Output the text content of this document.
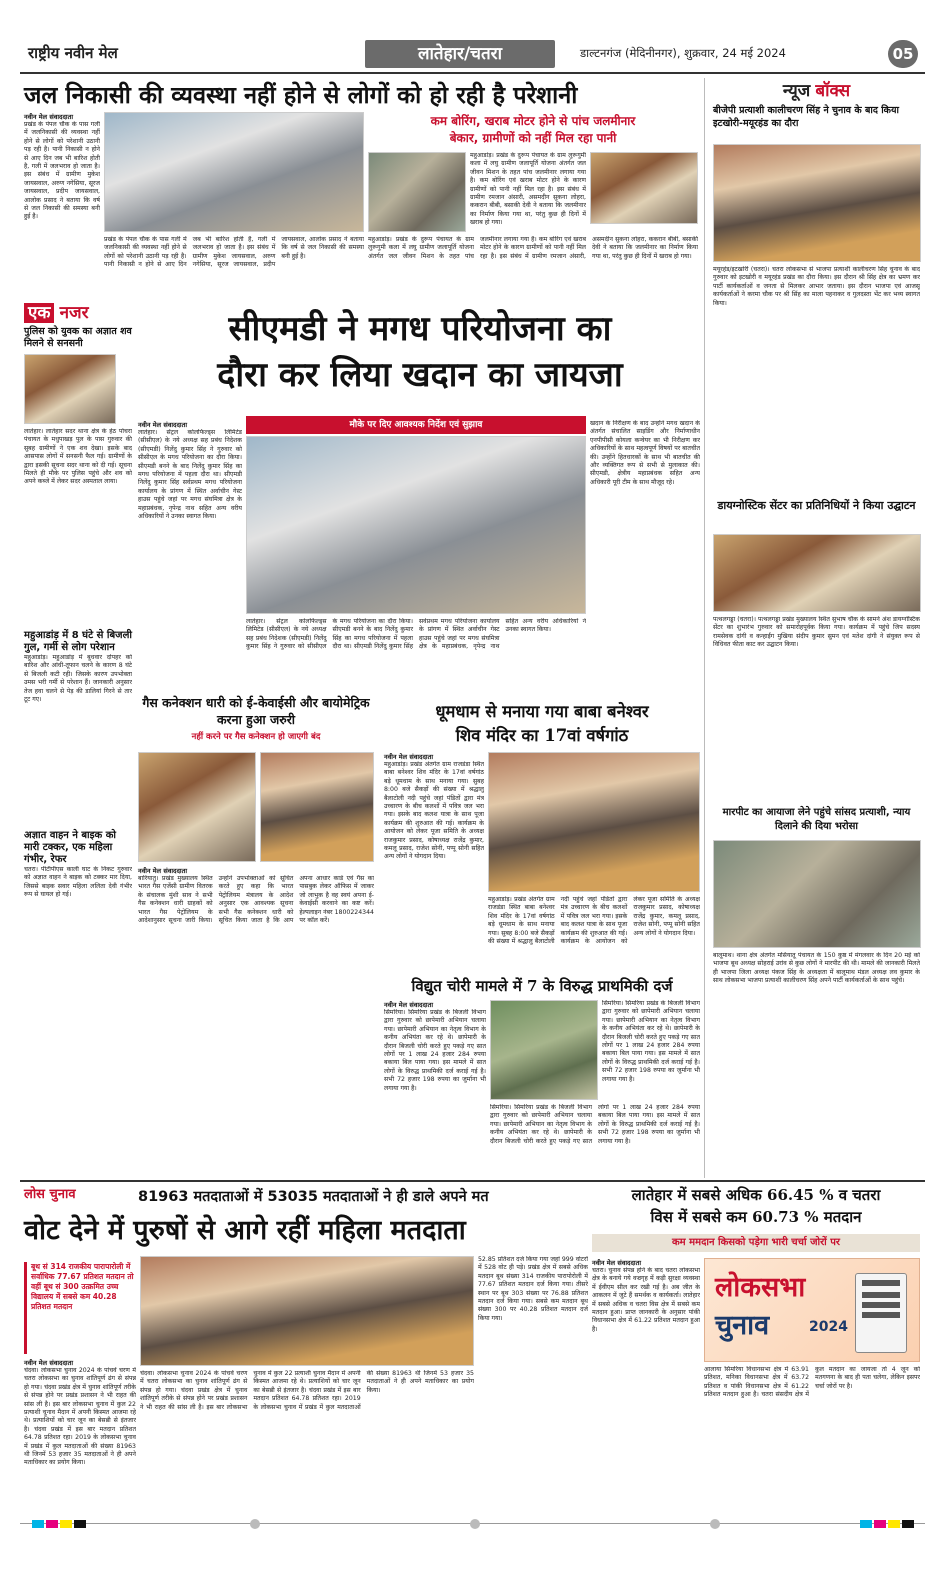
राष्ट्रीय नवीन मेल	लातेहार/चतरा	डाल्टनगंज (मेदिनीनगर), शुक्रवार, 24 मई 2024	05
जल निकासी की व्यवस्था नहीं होने से लोगों को हो रही है परेशानी
नवीन मेल संवाददाता
प्रखंड के पंपल चौक के पास गली में जलनिकासी की व्यवस्था नहीं होने से लोगों को परेशानी उठानी पड़ रही है। पानी निकासी न होने से आए दिन जब भी बारिश होती है, गली में जलभराव हो जाता है। इस संबंध में ग्रामीण मुकेश जायसवाल, अरुण नगेसिया, सूरज जायसवाल, प्रदीप जायसवाल, आलोक प्रसाद ने बताया कि वर्ष से जल निकासी की समस्या बनी हुई है।
प्रखंड के पंपल चौक के पास गली में जलनिकासी की व्यवस्था नहीं होने से लोगों को परेशानी उठानी पड़ रही है। पानी निकासी न होने से आए दिन जब भी बारिश होती है, गली में जलभराव हो जाता है। इस संबंध में ग्रामीण मुकेश जायसवाल, अरुण नगेसिया, सूरज जायसवाल, प्रदीप जायसवाल, आलोक प्रसाद ने बताया कि वर्ष से जल निकासी की समस्या बनी हुई है।
कम बोरिंग, खराब मोटर होने से पांच जलमीनार
बेकार, ग्रामीणों को नहीं मिल रहा पानी
महुआडांड़। प्रखंड के दुरूप पंचायत के ग्राम लुरूगुमी कला में लघु ग्रामीण जलापूर्ति योजना अंतर्गत जल जीवन मिशन के तहत पांच जलमीनार लगाया गया है। कम बोरिंग एवं खराब मोटर होने के कारण ग्रामीणों को पानी नहीं मिल रहा है। इस संबंध में ग्रामीण रमजान अंसारी, असमदीन सुकना लोहरा, ककरान बीबी, बसाकी देवी ने बताया कि जलमीनार का निर्माण किया गया था, परंतु कुछ ही दिनों में खराब हो गया।
महुआडांड़। प्रखंड के दुरूप पंचायत के ग्राम लुरूगुमी कला में लघु ग्रामीण जलापूर्ति योजना अंतर्गत जल जीवन मिशन के तहत पांच जलमीनार लगाया गया है। कम बोरिंग एवं खराब मोटर होने के कारण ग्रामीणों को पानी नहीं मिल रहा है। इस संबंध में ग्रामीण रमजान अंसारी, असमदीन सुकना लोहरा, ककरान बीबी, बसाकी देवी ने बताया कि जलमीनार का निर्माण किया गया था, परंतु कुछ ही दिनों में खराब हो गया।
एक नजर
पुलिस को युवक का अज्ञात शव मिलने से सनसनी
लातेहार। लातेहार सदर थाना क्षेत्र के हेठ पोचरा पंचायत के मधुपाखड़ पुल के पास गुरुवार की सुबह ग्रामीणों ने एक शव देखा। इसके बाद आसपास लोगों में सनसनी फैल गई। ग्रामीणों के द्वारा इसकी सूचना सदर थाना को दी गई। सूचना मिलते ही मौके पर पुलिस पहुंचे और शव को अपने कब्जे में लेकर सदर अस्पताल लाया।
महुआडांड़ में 8 घंटे से बिजली गुल, गर्मी से लोग परेशान
महुआडांड़। महुआडांड़ में बुधवार दोपहर को बारिश और आंधी-तूफान चलने के कारण 8 घंटे से बिजली कटी रही। जिसके कारण उपभोक्ता उमस भरी गर्मी से परेशान हैं। जानकारी अनुसार तेज हवा चलने से पेड़ की डालियां गिरने से तार टूट गए।
अज्ञात वाहन ने बाइक को मारी टक्कर, एक महिला गंभीर, रेफर
चतरा। पीटीपीएस काली घाट के निकट गुरुवार को अज्ञात वाहन ने बाइक को टक्कर मार दिया, जिससे बाइक सवार महिला ललिता देवी गंभीर रूप से घायल हो गई।
सीएमडी ने मगध परियोजना का
दौरा कर लिया खदान का जायजा
मौके पर दिए आवश्यक निर्देश एवं सुझाव
नवीन मेल संवाददाता
लातेहार। सेंट्रल कोलफिल्ड्स लिमिटेड (सीसीएल) के नये अध्यक्ष सह प्रबंध निदेशक (सीएमडी) निलेंदु कुमार सिंह ने गुरुवार को सीसीएल के मगध परियोजना का दौरा किया। सीएमडी बनने के बाद निलेंदु कुमार सिंह का मगध परियोजना में पहला दौरा था। सीएमडी निलेंदु कुमार सिंह सर्वप्रथम मगध परियोजना कार्यालय के प्रांगण में स्थित अर्वाचीन गेस्ट हाउस पहुंचे जहां पर मगध संघमित्रा क्षेत्र के महाप्रबंधक, नृपेन्द्र नाथ सहित अन्य वरीय अधिकारियों ने उनका स्वागत किया।
लातेहार। सेंट्रल कोलफिल्ड्स लिमिटेड (सीसीएल) के नये अध्यक्ष सह प्रबंध निदेशक (सीएमडी) निलेंदु कुमार सिंह ने गुरुवार को सीसीएल के मगध परियोजना का दौरा किया। सीएमडी बनने के बाद निलेंदु कुमार सिंह का मगध परियोजना में पहला दौरा था। सीएमडी निलेंदु कुमार सिंह सर्वप्रथम मगध परियोजना कार्यालय के प्रांगण में स्थित अर्वाचीन गेस्ट हाउस पहुंचे जहां पर मगध संघमित्रा क्षेत्र के महाप्रबंधक, नृपेन्द्र नाथ सहित अन्य वरीय अधिकारियों ने उनका स्वागत किया।
खदान के निरीक्षण के बाद उन्होंने मगध खदान के अंतर्गत संचालित साइडिंग और निर्माणाधीन एनपीपीसी कोयला कन्वेयर का भी निरीक्षण कर अधिकारियों के साथ महत्वपूर्ण विषयों पर बातचीत की। उन्होंने हितधारकों के साथ भी बातचीत की और व्यक्तिगत रूप से सभी से मुलाकात की। सीएमडी, क्षेत्रीय महाप्रबंधक सहित अन्य अधिकारी पूरी टीम के साथ मौजूद रहे।
गैस कनेक्शन धारी को ई-केवाईसी और बायोमेट्रिक करना हुआ जरुरी
नहीं करने पर गैस कनेक्शन हो जाएगी बंद
नवीन मेल संवाददाता
बारियातु। प्रखंड मुख्यालय स्थित भारत गैस एजेंसी ग्रामीण वितरक के संचालक मुंशी साव ने सभी गैस कनेक्शन धारी ग्राहकों को भारत गैस पेट्रोलियम के आदेशानुसार सूचना जारी किया। उन्होंने उपभोक्ताओं को सूचित करते हुए कहा कि भारत पेट्रोलियम मंत्रालय के आदेश अनुसार एक आवश्यक सूचना सभी गैस कनेक्शन धारी को सूचित किया जाता है कि आप अपना आधार कार्ड एवं गैस का पासबुक लेकर ऑफिस में जाकर जो लाभुक है वह स्वयं अपना ई-केवाईसी करवाने का कष्ट करें। हेल्पलाइन नंबर 1800224344 पर कॉल करें।
धूमधाम से मनाया गया बाबा बनेश्वर
शिव मंदिर का 17वां वर्षगांठ
नवीन मेल संवाददाता
महुआडांड़। प्रखंड अंतर्गत ग्राम राजडंडा स्थित बाबा बनेश्वर शिव मंदिर के 17वां वर्षगांठ बड़े धूमधाम के साथ मनाया गया। सुबह 8:00 बजे सैकड़ों की संख्या में श्रद्धालु बैलाटोली नदी पहुंचे जहां पंडितों द्वारा मंत्र उच्चारण के बीच कलशों में पवित्र जल भरा गया। इसके बाद कलश यात्रा के साथ पूजा कार्यक्रम की शुरुआत की गई। कार्यक्रम के आयोजन को लेकर पूजा समिति के अध्यक्ष राजकुमार प्रसाद, कोषाध्यक्ष राजेंद्र कुमार, कमलू प्रसाद, राजेश सोनी, पप्पू सोनी सहित अन्य लोगों ने योगदान दिया।
महुआडांड़। प्रखंड अंतर्गत ग्राम राजडंडा स्थित बाबा बनेश्वर शिव मंदिर के 17वां वर्षगांठ बड़े धूमधाम के साथ मनाया गया। सुबह 8:00 बजे सैकड़ों की संख्या में श्रद्धालु बैलाटोली नदी पहुंचे जहां पंडितों द्वारा मंत्र उच्चारण के बीच कलशों में पवित्र जल भरा गया। इसके बाद कलश यात्रा के साथ पूजा कार्यक्रम की शुरुआत की गई। कार्यक्रम के आयोजन को लेकर पूजा समिति के अध्यक्ष राजकुमार प्रसाद, कोषाध्यक्ष राजेंद्र कुमार, कमलू प्रसाद, राजेश सोनी, पप्पू सोनी सहित अन्य लोगों ने योगदान दिया।
विद्युत चोरी मामले में 7 के विरुद्ध प्राथमिकी दर्ज
नवीन मेल संवाददाता
सिमरिया। सिमरिया प्रखंड के बिजली विभाग द्वारा गुरुवार को छापेमारी अभियान चलाया गया। छापेमारी अभियान का नेतृत्व विभाग के कनीय अभियंता कर रहे थे। छापेमारी के दौरान बिजली चोरी करते हुए पकड़े गए सात लोगों पर 1 लाख 24 हजार 284 रुपया बकाया बिल पाया गया। इस मामले में सात लोगों के विरुद्ध प्राथमिकी दर्ज कराई गई है। सभी 72 हजार 198 रुपया का जुर्माना भी लगाया गया है।
सिमरिया। सिमरिया प्रखंड के बिजली विभाग द्वारा गुरुवार को छापेमारी अभियान चलाया गया। छापेमारी अभियान का नेतृत्व विभाग के कनीय अभियंता कर रहे थे। छापेमारी के दौरान बिजली चोरी करते हुए पकड़े गए सात लोगों पर 1 लाख 24 हजार 284 रुपया बकाया बिल पाया गया। इस मामले में सात लोगों के विरुद्ध प्राथमिकी दर्ज कराई गई है। सभी 72 हजार 198 रुपया का जुर्माना भी लगाया गया है।
सिमरिया। सिमरिया प्रखंड के बिजली विभाग द्वारा गुरुवार को छापेमारी अभियान चलाया गया। छापेमारी अभियान का नेतृत्व विभाग के कनीय अभियंता कर रहे थे। छापेमारी के दौरान बिजली चोरी करते हुए पकड़े गए सात लोगों पर 1 लाख 24 हजार 284 रुपया बकाया बिल पाया गया। इस मामले में सात लोगों के विरुद्ध प्राथमिकी दर्ज कराई गई है। सभी 72 हजार 198 रुपया का जुर्माना भी लगाया गया है।
न्यूज बॉक्स
बीजेपी प्रत्याशी कालीचरण सिंह ने चुनाव के बाद किया इटखोरी-मयूरहंड का दौरा
मयूरहंड/इटखोरी (चतरा)। चतरा लोकसभा से भाजपा प्रत्याशी कालीचरण सिंह चुनाव के बाद गुरुवार को इटखोरी व मयूरहंड प्रखंड का दौरा किया। इस दौरान श्री सिंह क्षेत्र का भ्रमण कर पार्टी कार्यकर्ताओं व जनता से मिलकर आभार जताया। इस दौरान भाजपा एवं आजसू कार्यकर्ताओं ने करमा चौक पर श्री सिंह का माला पहनाकर व गुलदस्ता भेंट कर भव्य स्वागत किया।
डायग्नोस्टिक सेंटर का प्रतिनिधियों ने किया उद्घाटन
पत्थलगड्डा (चतरा)। पत्थलगड्डा प्रखंड मुख्यालय स्थित सुभाष चौक के सामने अंश डायग्नोस्टिक सेंटर का शुभारंभ गुरुवार को समारोहपूर्वक किया गया। कार्यक्रम में पहुंचे जिप सदस्य रामसेवक दांगी व कन्हाईंग मुखिया संदीप कुमार सुमन एवं मतेश दांगी ने संयुक्त रूप से विधिवत फीता काट कर उद्घाटन किया।
मारपीट का आयाजा लेने पहुंचे सांसद प्रत्याशी, न्याय दिलाने की दिया भरोसा
बालूमाथ। थाना क्षेत्र अंतर्गत मसियातू पंचायत के 150 कुष्ठ में मंगलवार के दिन 20 मई को भाजपा बूथ अध्यक्ष सोहराई उरांव से कुछ लोगों ने मारपीट की थी। मामले की जानकारी मिलते ही भाजपा जिला अध्यक्ष पंकज सिंह के अध्यक्षता में बालूमाथ मंडल अध्यक्ष लव कुमार के साथ लोकसभा भाजपा प्रत्याशी कालीचरण सिंह अपने पार्टी कार्यकर्ताओं के साथ पहुंचे।
लोस चुनाव	81963 मतदाताओं में 53035 मतदाताओं ने ही डाले अपने मत
वोट देने में पुरुषों से आगे रहीं महिला मतदाता
बूथ सं 314 राजकीय पारापारोली में सर्वाधिक 77.67 प्रतिशत मतदान तो वहीं बूथ सं 300 उत्क्रमित उच्च विद्यालय में सबसे कम 40.28 प्रतिशत मतदान
नवीन मेल संवाददाता
चंदवा। लोकसभा चुनाव 2024 के पांचवें चरण में चतरा लोकसभा का चुनाव शांतिपूर्ण ढंग से संपन्न हो गया। चंदवा प्रखंड क्षेत्र में चुनाव शांतिपूर्ण तरीके से संपन्न होने पर प्रखंड प्रशासन ने भी राहत की सांस ली है। इस बार लोकसभा चुनाव में कुल 22 प्रत्याशी चुनाव मैदान में अपनी किस्मत आजमा रहे थे। प्रत्याशियों को चार जून का बेसब्री से इंतजार है। चंदवा प्रखंड में इस बार मतदान प्रतिशत 64.78 प्रतिशत रहा। 2019 के लोकसभा चुनाव में प्रखंड में कुल मतदाताओं की संख्या 81963 थी जिनमें 53 हजार 35 मतदाताओं ने ही अपने मताधिकार का प्रयोग किया।
चंदवा। लोकसभा चुनाव 2024 के पांचवें चरण में चतरा लोकसभा का चुनाव शांतिपूर्ण ढंग से संपन्न हो गया। चंदवा प्रखंड क्षेत्र में चुनाव शांतिपूर्ण तरीके से संपन्न होने पर प्रखंड प्रशासन ने भी राहत की सांस ली है। इस बार लोकसभा चुनाव में कुल 22 प्रत्याशी चुनाव मैदान में अपनी किस्मत आजमा रहे थे। प्रत्याशियों को चार जून का बेसब्री से इंतजार है। चंदवा प्रखंड में इस बार मतदान प्रतिशत 64.78 प्रतिशत रहा। 2019 के लोकसभा चुनाव में प्रखंड में कुल मतदाताओं की संख्या 81963 थी जिनमें 53 हजार 35 मतदाताओं ने ही अपने मताधिकार का प्रयोग किया।
52.85 प्रतिशत दर्ज किया गया जहां 999 वोटरों में 528 वोट ही पड़े। प्रखंड क्षेत्र में सबसे अधिक मतदान बूथ संख्या 314 राजकीय पारापोरोली में 77.67 प्रतिशत मतदान दर्ज किया गया। तीसरे स्थान पर बूथ 303 संख्या पर 76.88 प्रतिशत मतदान दर्ज किया गया। सबसे कम मतदान बूथ संख्या 300 पर 40.28 प्रतिशत मतदान दर्ज किया गया।
लातेहार में सबसे अधिक 66.45 % व चतरा
विस में सबसे कम 60.73 % मतदान
कम ममदान किसको पड़ेगा भारी चर्चा जोरों पर
नवीन मेल संवाददाता
चतरा। चुनाव संपन्न होने के बाद चतरा लोकसभा क्षेत्र के बनाये गये वज्रगृह में कड़ी सुरक्षा व्यवस्था में ईवीएम सील कर रखी गई है। अब जीत के आकलन में जुटे हैं समर्थक व कार्यकर्ता। लातेहार में सबसे अधिक व चतरा विस क्षेत्र में सबसे कम मतदान हुआ। प्राप्त जानकारी के अनुसार पांकी विधानसभा क्षेत्र में 61.22 प्रतिशत मतदान हुआ है।
लोकसभा
चुनाव	2024
आलाया सिमरिया विधानसभा क्षेत्र में 63.91 प्रतिशत, मनिका विधानसभा क्षेत्र में 63.72 प्रतिशत व पांकी विधानसभा क्षेत्र में 61.22 प्रतिशत मतदान हुआ है। चतरा संसदीय क्षेत्र में कुल मतदान का जायजा तो 4 जून को मतगणना के बाद ही पता चलेगा, लेकिन इसपर चर्चा जोरों पर है।
